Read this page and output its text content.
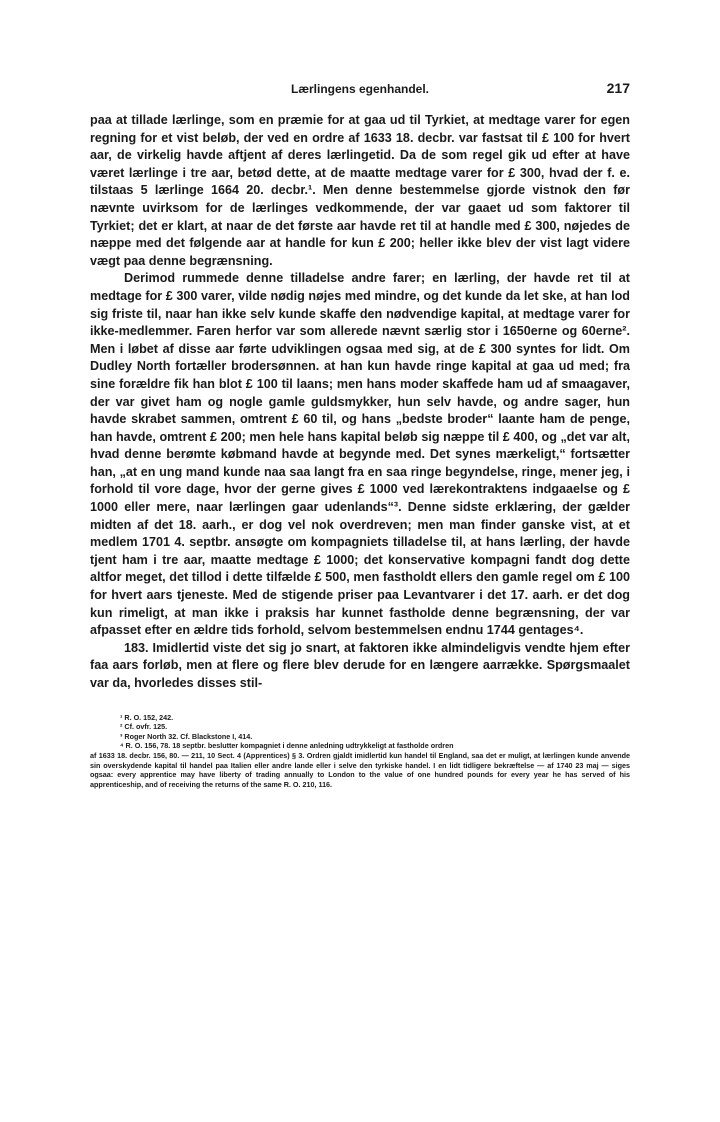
Lærlingens egenhandel.	217

paa at tillade lærlinge, som en præmie for at gaa ud til Tyrkiet, at medtage varer for egen regning for et vist beløb, der ved en ordre af 1633 18. decbr. var fastsat til £ 100 for hvert aar, de virkelig havde aftjent af deres lærlingetid. Da de som regel gik ud efter at have været lærlinge i tre aar, betød dette, at de maatte medtage varer for £ 300, hvad der f. e. tilstaas 5 lærlinge 1664 20. decbr.¹. Men denne bestemmelse gjorde vistnok den før nævnte uvirksom for de lærlinges vedkommende, der var gaaet ud som faktorer til Tyrkiet; det er klart, at naar de det første aar havde ret til at handle med £ 300, nøjedes de næppe med det følgende aar at handle for kun £ 200; heller ikke blev der vist lagt videre vægt paa denne begrænsning.

Derimod rummede denne tilladelse andre farer; en lærling, der havde ret til at medtage for £ 300 varer, vilde nødig nøjes med mindre, og det kunde da let ske, at han lod sig friste til, naar han ikke selv kunde skaffe den nødvendige kapital, at medtage varer for ikke-medlemmer. Faren herfor var som allerede nævnt særlig stor i 1650erne og 60erne². Men i løbet af disse aar førte udviklingen ogsaa med sig, at de £ 300 syntes for lidt. Om Dudley North fortæller brodersønnen. at han kun havde ringe kapital at gaa ud med; fra sine forældre fik han blot £ 100 til laans; men hans moder skaffede ham ud af smaagaver, der var givet ham og nogle gamle guldsmykker, hun selv havde, og andre sager, hun havde skrabet sammen, omtrent £ 60 til, og hans „bedste broder“ laante ham de penge, han havde, omtrent £ 200; men hele hans kapital beløb sig næppe til £ 400, og „det var alt, hvad denne berømte købmand havde at begynde med. Det synes mærkeligt,“ fortsætter han, „at en ung mand kunde naa saa langt fra en saa ringe begyndelse, ringe, mener jeg, i forhold til vore dage, hvor der gerne gives £ 1000 ved lærekontraktens indgaaelse og £ 1000 eller mere, naar lærlingen gaar udenlands“³. Denne sidste erklæring, der gælder midten af det 18. aarh., er dog vel nok overdreven; men man finder ganske vist, at et medlem 1701 4. septbr. ansøgte om kompagniets tilladelse til, at hans lærling, der havde tjent ham i tre aar, maatte medtage £ 1000; det konservative kompagni fandt dog dette altfor meget, det tillod i dette tilfælde £ 500, men fastholdt ellers den gamle regel om £ 100 for hvert aars tjeneste. Med de stigende priser paa Levantvarer i det 17. aarh. er det dog kun rimeligt, at man ikke i praksis har kunnet fastholde denne begrænsning, der var afpasset efter en ældre tids forhold, selvom bestemmelsen endnu 1744 gentages⁴.

183. Imidlertid viste det sig jo snart, at faktoren ikke almindeligvis vendte hjem efter faa aars forløb, men at flere og flere blev derude for en længere aarrække. Spørgsmaalet var da, hvorledes disses stil-

¹ R. O. 152, 242.

² Cf. ovfr. 125.

³ Roger North 32. Cf. Blackstone I, 414.

⁴ R. O. 156, 78. 18 septbr. beslutter kompagniet i denne anledning udtrykkeligt at fastholde ordren

af 1633 18. decbr. 156, 80. — 211, 10 Sect. 4 (Apprentices) § 3. Ordren gjaldt imidlertid kun handel til England, saa det er muligt, at lærlingen kunde anvende sin overskydende kapital til handel paa Italien eller andre lande eller i selve den tyrkiske handel. I en lidt tidligere bekræftelse — af 1740 23 maj — siges ogsaa: every apprentice may have liberty of trading annually to London to the value of one hundred pounds for every year he has served of his apprenticeship, and of receiving the returns of the same R. O. 210, 116.
